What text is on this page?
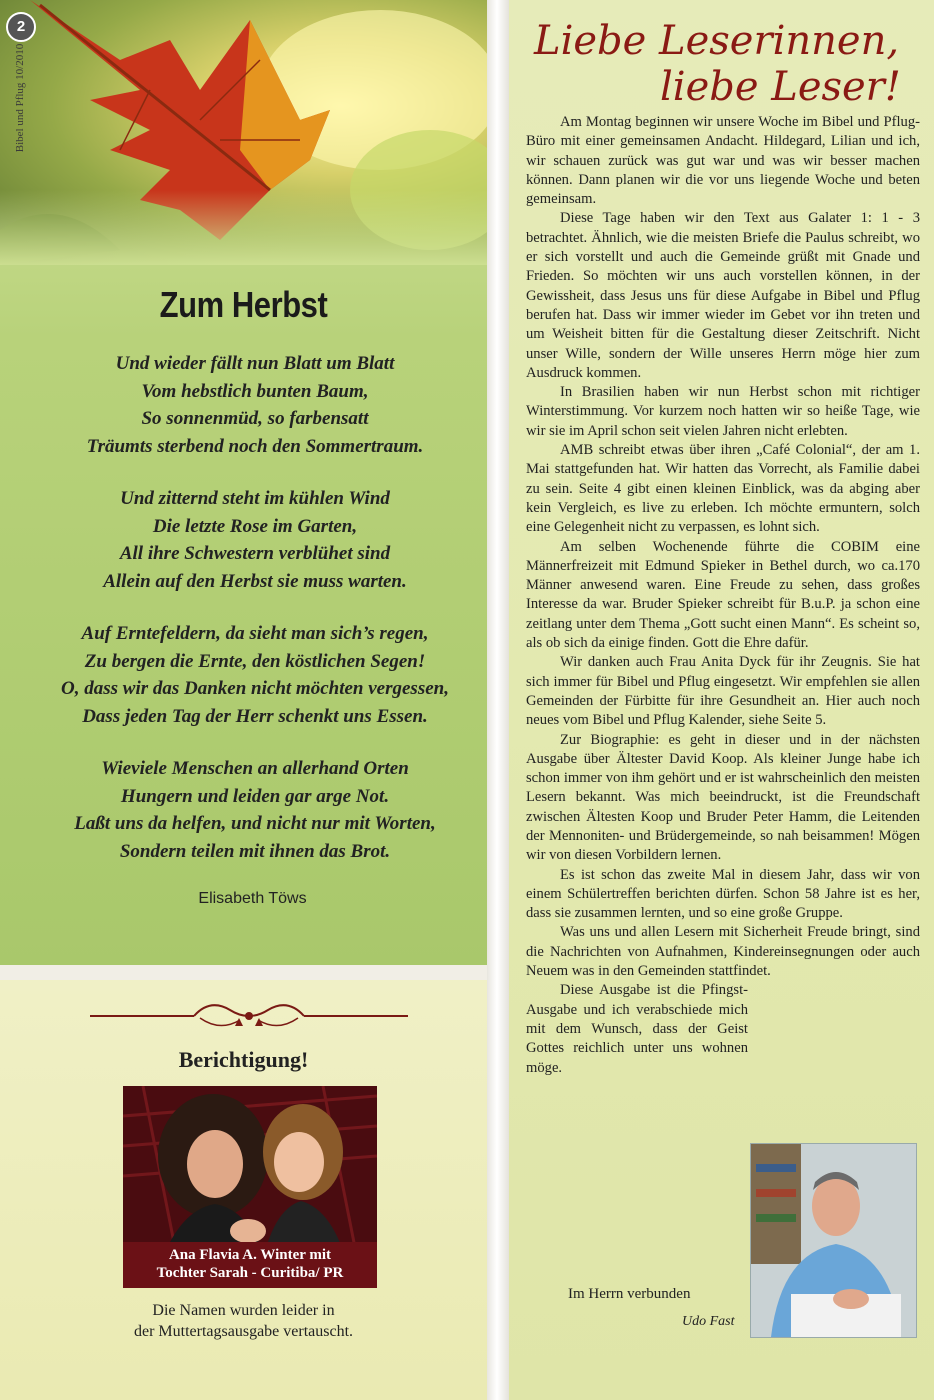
2
Bibel und Pflug 10/2010
Zum Herbst
Und wieder fällt nun Blatt um Blatt
Vom hebstlich bunten Baum,
So sonnenmüd, so farbensatt
Träumts sterbend noch den Sommertraum.
Und zitternd steht im kühlen Wind
Die letzte Rose im Garten,
All ihre Schwestern verblühet sind
Allein auf den Herbst sie muss warten.
Auf Erntefeldern, da sieht man sich’s regen,
Zu bergen die Ernte, den köstlichen Segen!
O, dass wir das Danken nicht möchten vergessen,
Dass jeden Tag der Herr schenkt uns Essen.
Wieviele Menschen an allerhand Orten
Hungern und leiden gar arge Not.
Laßt uns da helfen, und nicht nur mit Worten,
Sondern teilen mit ihnen das Brot.
Elisabeth Töws
Berichtigung!
Ana Flavia A. Winter mit
Tochter Sarah - Curitiba/ PR
Die Namen wurden leider in
der Muttertagsausgabe vertauscht.
Liebe Leserinnen,
liebe Leser!

Am Montag beginnen wir unsere Woche im Bibel und Pflug-Büro mit einer gemeinsamen Andacht. Hildegard, Lilian und ich, wir schauen zurück was gut war und was wir besser machen können. Dann planen wir die vor uns liegende Woche und beten gemeinsam.

Diese Tage haben wir den Text aus Galater 1: 1 - 3 betrachtet. Ähnlich, wie die meisten Briefe die Paulus schreibt, wo er sich vorstellt und auch die Gemeinde grüßt mit Gnade und Frieden. So möchten wir uns auch vorstellen können, in der Gewissheit, dass Jesus uns für diese Aufgabe in Bibel und Pflug berufen hat. Dass wir immer wieder im Gebet vor ihn treten und um Weisheit bitten für die Gestaltung dieser Zeitschrift. Nicht unser Wille, sondern der Wille unseres Herrn möge hier zum Ausdruck kommen.

In Brasilien haben wir nun Herbst schon mit richtiger Winterstimmung. Vor kurzem noch hatten wir so heiße Tage, wie wir sie im April schon seit vielen Jahren nicht erlebten.

AMB schreibt etwas über ihren „Café Colonial“, der am 1. Mai stattgefunden hat. Wir hatten das Vorrecht, als Familie dabei zu sein. Seite 4 gibt einen kleinen Einblick, was da abging aber kein Vergleich, es live zu erleben. Ich möchte ermuntern, solch eine Gelegenheit nicht zu verpassen, es lohnt sich.

Am selben Wochenende führte die COBIM eine Männerfreizeit mit Edmund Spieker in Bethel durch, wo ca.170 Männer anwesend waren. Eine Freude zu sehen, dass großes Interesse da war. Bruder Spieker schreibt für B.u.P. ja schon eine zeitlang unter dem Thema „Gott sucht einen Mann“. Es scheint so, als ob sich da einige finden. Gott die Ehre dafür.

Wir danken auch Frau Anita Dyck für ihr Zeugnis. Sie hat sich immer für Bibel und Pflug eingesetzt. Wir empfehlen sie allen Gemeinden der Fürbitte für ihre Gesundheit an. Hier auch noch neues vom Bibel und Pflug Kalender, siehe Seite 5.

Zur Biographie: es geht in dieser und in der nächsten Ausgabe über Ältester David Koop. Als kleiner Junge habe ich schon immer von ihm gehört und er ist wahrscheinlich den meisten Lesern bekannt. Was mich beeindruckt, ist die Freundschaft zwischen Ältesten Koop und Bruder Peter Hamm, die Leitenden der Mennoniten- und Brüdergemeinde, so nah beisammen! Mögen wir von diesen Vorbildern lernen.

Es ist schon das zweite Mal in diesem Jahr, dass wir von einem Schülertreffen berichten dürfen. Schon 58 Jahre ist es her, dass sie zusammen lernten, und so eine große Gruppe.

Was uns und allen Lesern mit Sicherheit Freude bringt, sind die Nachrichten von Aufnahmen, Kindereinsegnungen oder auch Neuem was in den Gemeinden stattfindet.

Diese Ausgabe ist die Pfingst-Ausgabe und ich verabschiede mich mit dem Wunsch, dass der Geist Gottes reichlich unter uns wohnen möge.

Im Herrn verbunden
Udo Fast
